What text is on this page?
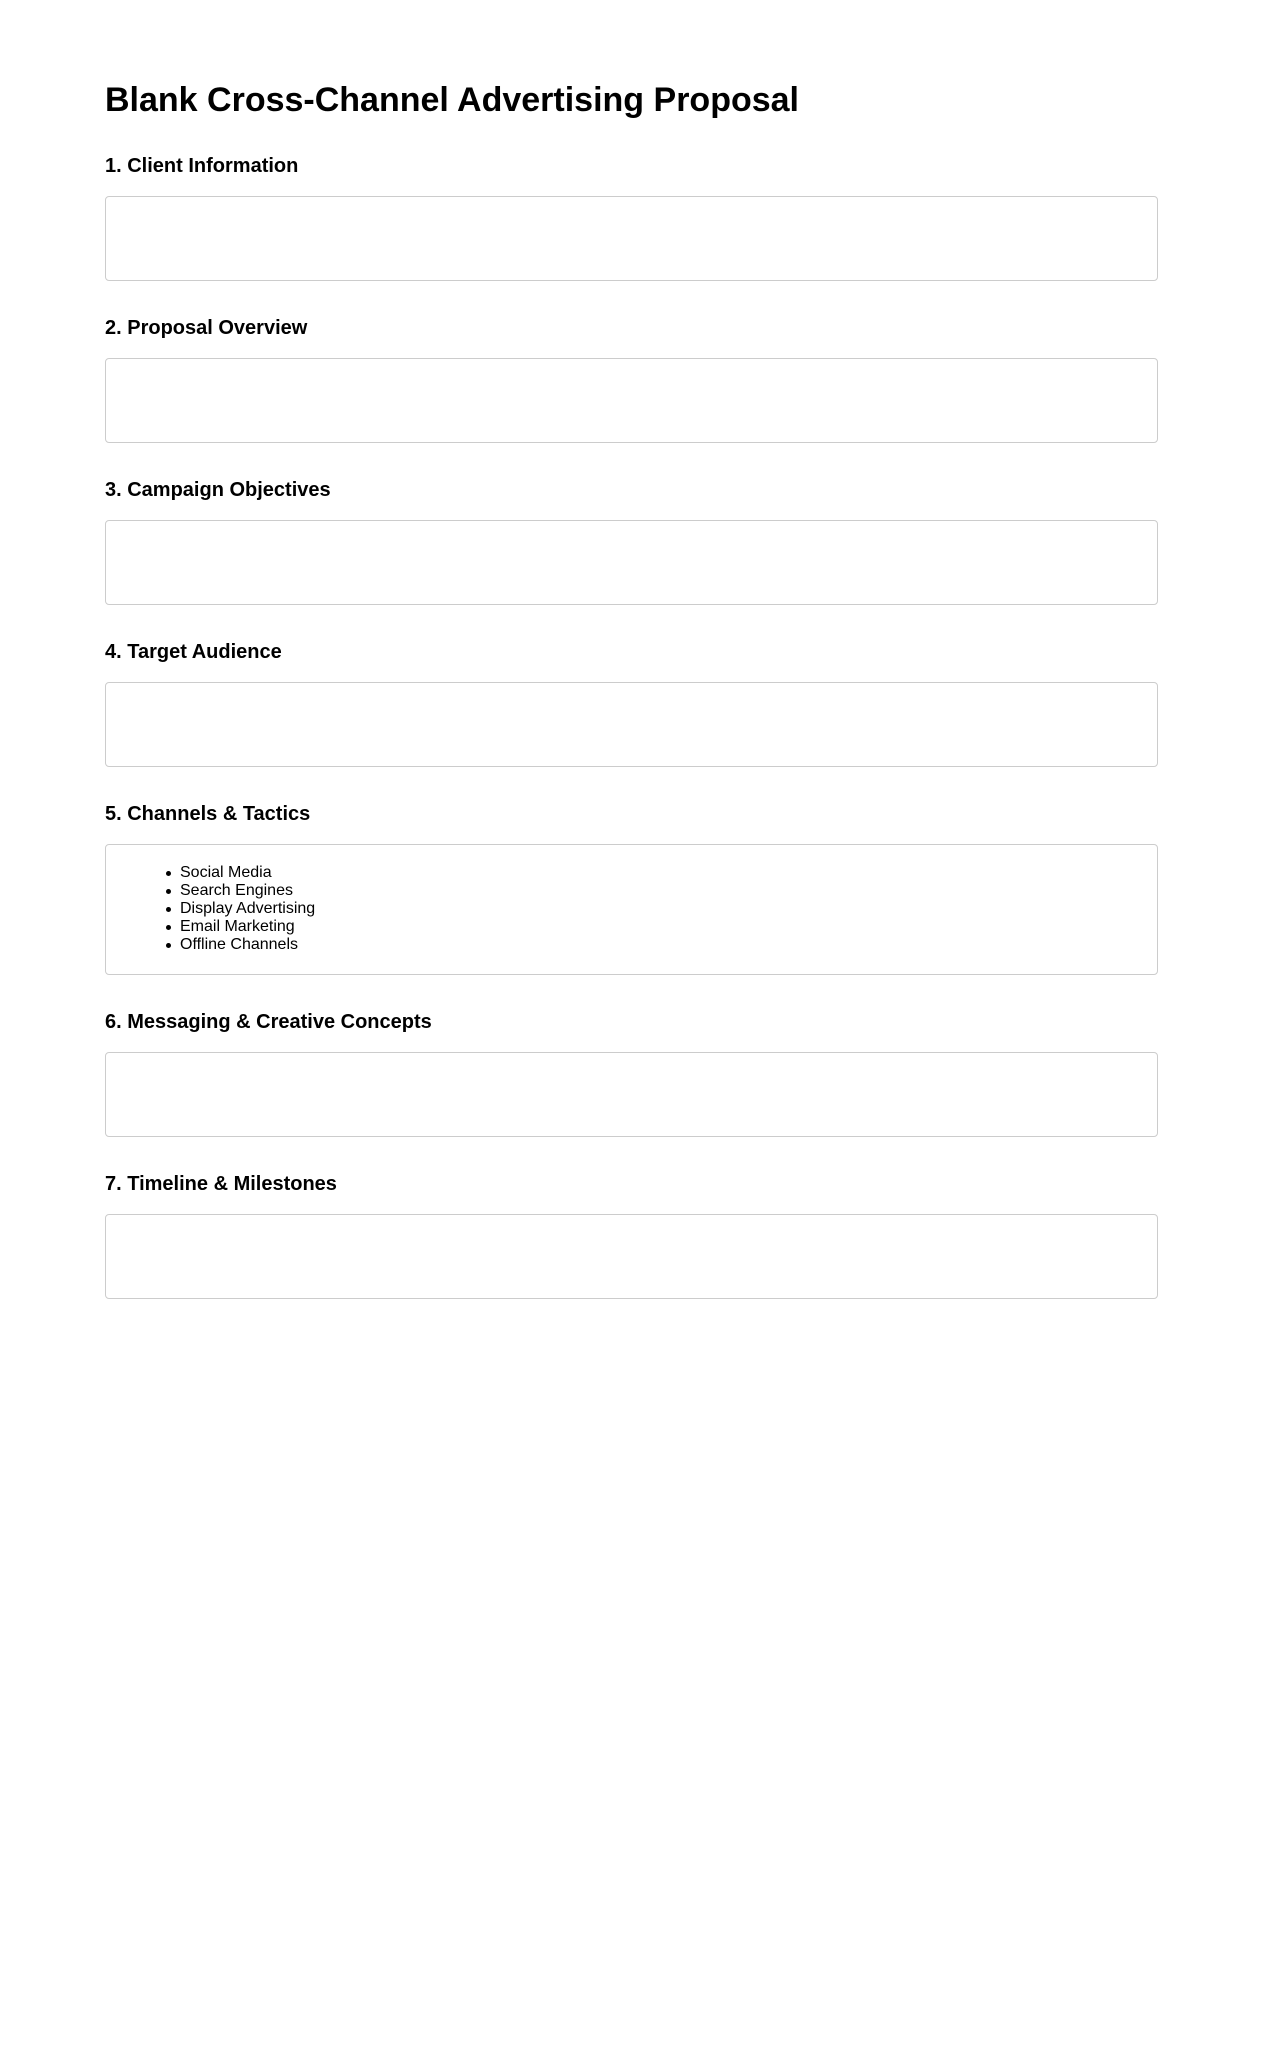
Blank Cross-Channel Advertising Proposal
1. Client Information
2. Proposal Overview
3. Campaign Objectives
4. Target Audience
5. Channels & Tactics
Social Media
Search Engines
Display Advertising
Email Marketing
Offline Channels
6. Messaging & Creative Concepts
7. Timeline & Milestones
